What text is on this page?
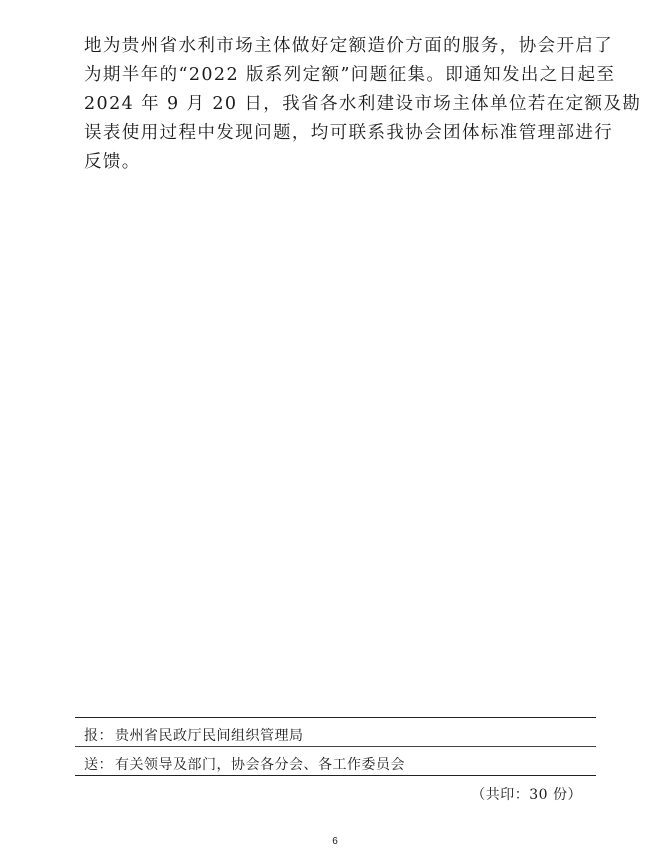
地为贵州省水利市场主体做好定额造价方面的服务，协会开启了
为期半年的“2022 版系列定额”问题征集。即通知发出之日起至
2024 年 9 月 20 日，我省各水利建设市场主体单位若在定额及勘
误表使用过程中发现问题，均可联系我协会团体标准管理部进行
反馈。
报： 贵州省民政厅民间组织管理局
送： 有关领导及部门，协会各分会、各工作委员会
（共印：30 份）
6
